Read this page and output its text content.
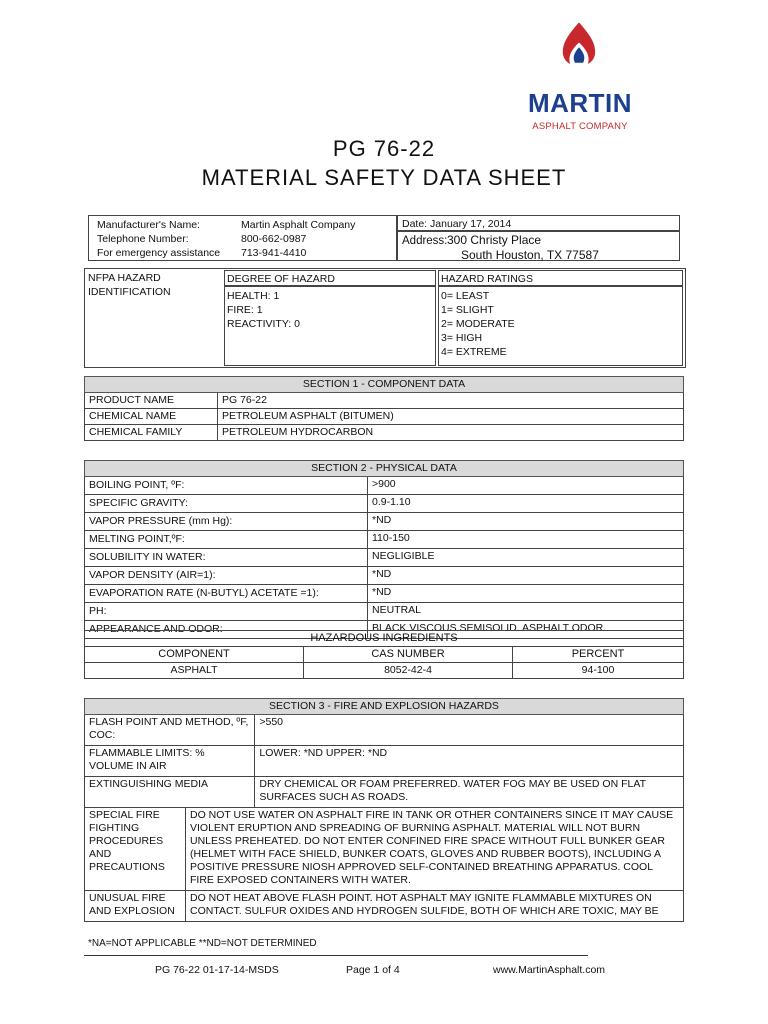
MARTIN
ASPHALT COMPANY
PG 76-22
MATERIAL SAFETY DATA SHEET
Manufacturer's Name:	Martin Asphalt Company
Telephone Number:	800-662-0987
For emergency assistance 713-941-4410
Date: January 17, 2014
Address: 300 Christy Place
South Houston, TX 77587
NFPA HAZARD
IDENTIFICATION
DEGREE OF HAZARD
HEALTH: 1
FIRE: 1
REACTIVITY: 0
HAZARD RATINGS
0= LEAST
1= SLIGHT
2= MODERATE
3= HIGH
4= EXTREME
SECTION 1 - COMPONENT DATA	
PRODUCT NAME	PG 76-22
CHEMICAL NAME	PETROLEUM ASPHALT (BITUMEN)
CHEMICAL FAMILY	PETROLEUM HYDROCARBON
SECTION 2 - PHYSICAL DATA	
BOILING POINT, ºF:	>900
SPECIFIC GRAVITY:	0.9-1.10
VAPOR PRESSURE (mm Hg):	*ND
MELTING POINT,ºF:	110-150
SOLUBILITY IN WATER:	NEGLIGIBLE
VAPOR DENSITY (AIR=1):	*ND
EVAPORATION RATE (N-BUTYL) ACETATE =1):	*ND
PH:	NEUTRAL
APPEARANCE AND ODOR:	BLACK VISCOUS SEMISOLID. ASPHALT ODOR.
HAZARDOUS INGREDIENTS		
COMPONENT	CAS NUMBER	PERCENT
ASPHALT	8052-42-4	94-100
SECTION 3 - FIRE AND EXPLOSION HAZARDS		
FLASH POINT AND METHOD, ºF, COC:		>550
FLAMMABLE LIMITS: % VOLUME IN AIR		LOWER: *ND UPPER: *ND
EXTINGUISHING MEDIA		DRY CHEMICAL OR FOAM PREFERRED. WATER FOG MAY BE USED ON FLAT SURFACES SUCH AS ROADS.
SPECIAL FIRE FIGHTING PROCEDURES AND PRECAUTIONS	DO NOT USE WATER ON ASPHALT FIRE IN TANK OR OTHER CONTAINERS SINCE IT MAY CAUSE VIOLENT ERUPTION AND SPREADING OF BURNING ASPHALT. MATERIAL WILL NOT BURN UNLESS PREHEATED. DO NOT ENTER CONFINED FIRE SPACE WITHOUT FULL BUNKER GEAR (HELMET WITH FACE SHIELD, BUNKER COATS, GLOVES AND RUBBER BOOTS), INCLUDING A POSITIVE PRESSURE NIOSH APPROVED SELF-CONTAINED BREATHING APPARATUS. COOL FIRE EXPOSED CONTAINERS WITH WATER.	
UNUSUAL FIRE AND EXPLOSION	DO NOT HEAT ABOVE FLASH POINT. HOT ASPHALT MAY IGNITE FLAMMABLE MIXTURES ON CONTACT. SULFUR OXIDES AND HYDROGEN SULFIDE, BOTH OF WHICH ARE TOXIC, MAY BE	
*NA=NOT APPLICABLE **ND=NOT DETERMINED
PG 76-22 01-17-14-MSDS	Page 1 of 4	www.MartinAsphalt.com
